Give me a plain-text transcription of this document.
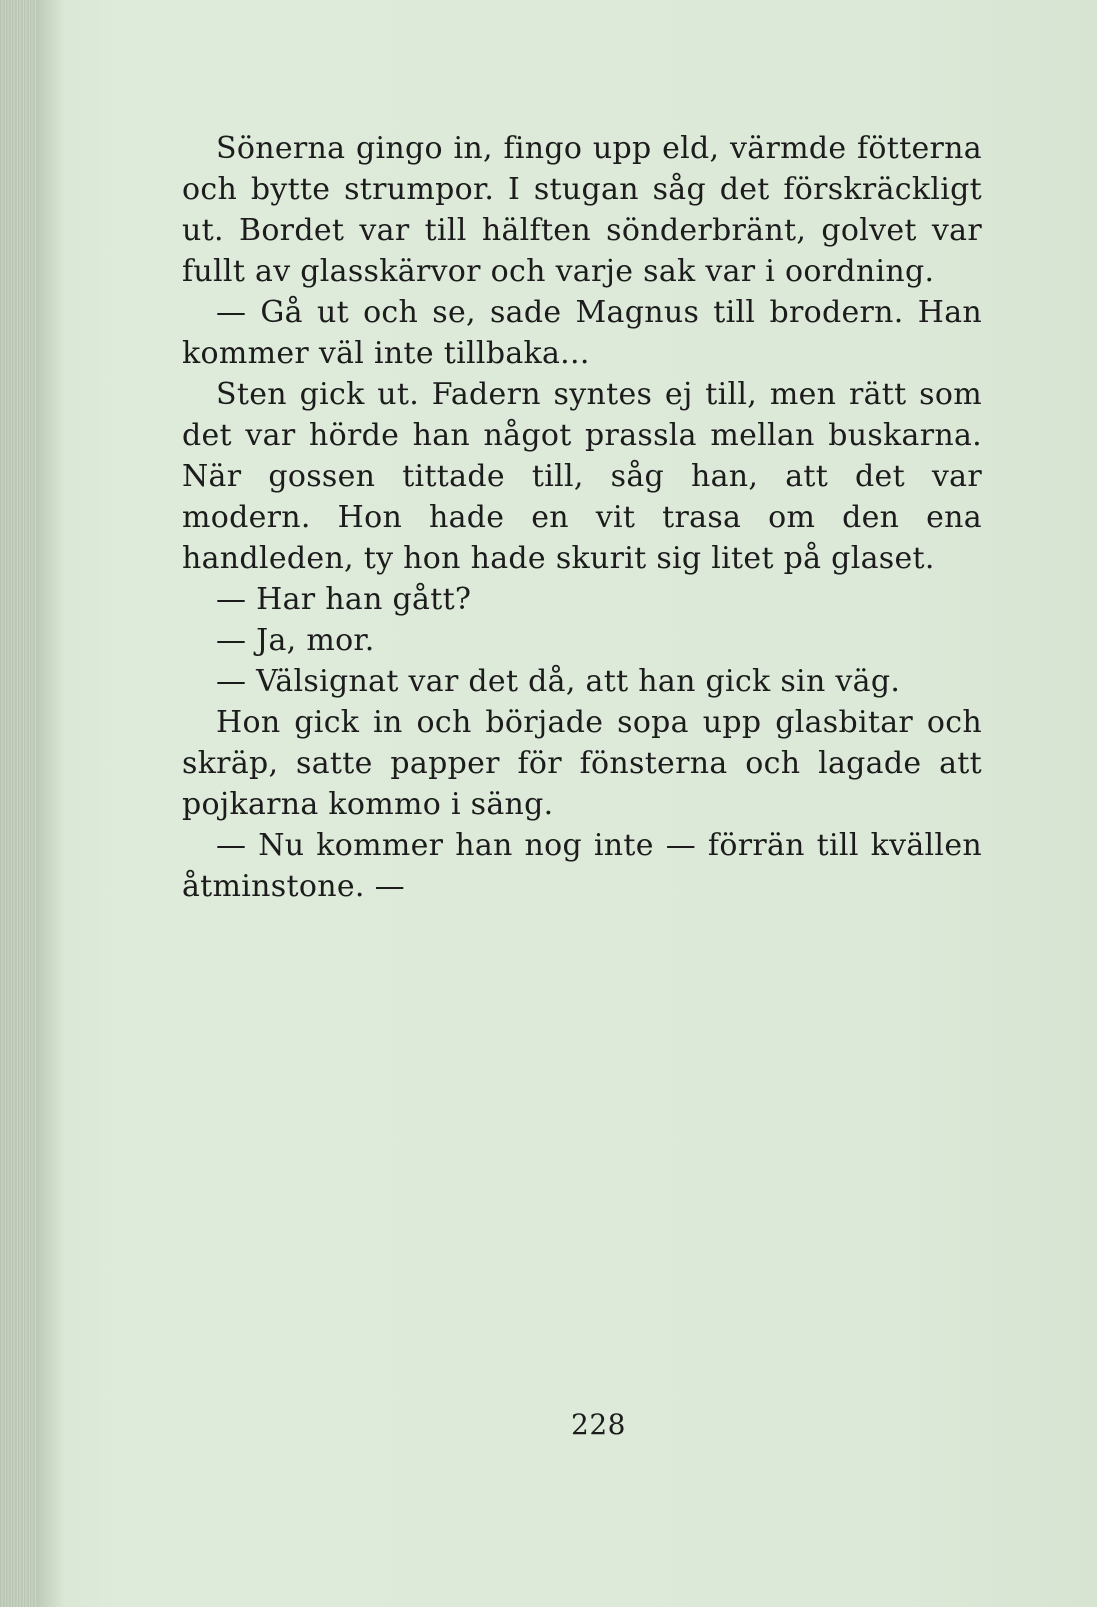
Sönerna gingo in, fingo upp eld, värmde fötterna och bytte strumpor. I stugan såg det förskräckligt ut. Bordet var till hälften sönderbränt, golvet var fullt av glasskärvor och varje sak var i oordning.

— Gå ut och se, sade Magnus till brodern. Han kommer väl inte tillbaka...

Sten gick ut. Fadern syntes ej till, men rätt som det var hörde han något prassla mellan buskarna. När gossen tittade till, såg han, att det var modern. Hon hade en vit trasa om den ena handleden, ty hon hade skurit sig litet på glaset.

— Har han gått?

— Ja, mor.

— Välsignat var det då, att han gick sin väg.

Hon gick in och började sopa upp glasbitar och skräp, satte papper för fönsterna och lagade att pojkarna kommo i säng.

— Nu kommer han nog inte — förrän till kvällen åtminstone. —

228
